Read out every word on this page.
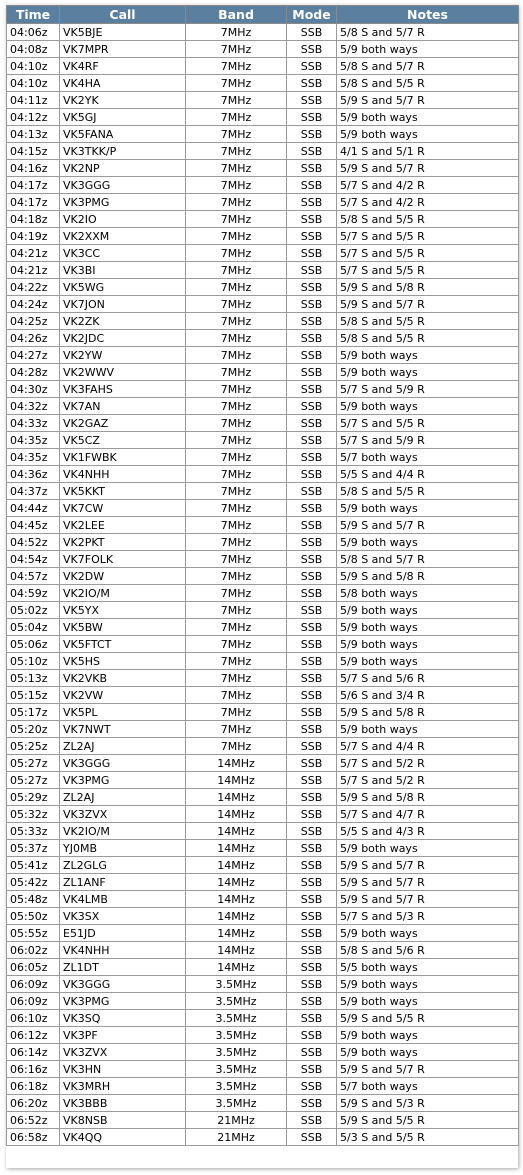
Time	Call	Band	Mode	Notes
04:06z	VK5BJE	7MHz	SSB	5/8 S and 5/7 R
04:08z	VK7MPR	7MHz	SSB	5/9 both ways
04:10z	VK4RF	7MHz	SSB	5/8 S and 5/7 R
04:10z	VK4HA	7MHz	SSB	5/8 S and 5/5 R
04:11z	VK2YK	7MHz	SSB	5/9 S and 5/7 R
04:12z	VK5GJ	7MHz	SSB	5/9 both ways
04:13z	VK5FANA	7MHz	SSB	5/9 both ways
04:15z	VK3TKK/P	7MHz	SSB	4/1 S and 5/1 R
04:16z	VK2NP	7MHz	SSB	5/9 S and 5/7 R
04:17z	VK3GGG	7MHz	SSB	5/7 S and 4/2 R
04:17z	VK3PMG	7MHz	SSB	5/7 S and 4/2 R
04:18z	VK2IO	7MHz	SSB	5/8 S and 5/5 R
04:19z	VK2XXM	7MHz	SSB	5/7 S and 5/5 R
04:21z	VK3CC	7MHz	SSB	5/7 S and 5/5 R
04:21z	VK3BI	7MHz	SSB	5/7 S and 5/5 R
04:22z	VK5WG	7MHz	SSB	5/9 S and 5/8 R
04:24z	VK7JON	7MHz	SSB	5/9 S and 5/7 R
04:25z	VK2ZK	7MHz	SSB	5/8 S and 5/5 R
04:26z	VK2JDC	7MHz	SSB	5/8 S and 5/5 R
04:27z	VK2YW	7MHz	SSB	5/9 both ways
04:28z	VK2WWV	7MHz	SSB	5/9 both ways
04:30z	VK3FAHS	7MHz	SSB	5/7 S and 5/9 R
04:32z	VK7AN	7MHz	SSB	5/9 both ways
04:33z	VK2GAZ	7MHz	SSB	5/7 S and 5/5 R
04:35z	VK5CZ	7MHz	SSB	5/7 S and 5/9 R
04:35z	VK1FWBK	7MHz	SSB	5/7 both ways
04:36z	VK4NHH	7MHz	SSB	5/5 S and 4/4 R
04:37z	VK5KKT	7MHz	SSB	5/8 S and 5/5 R
04:44z	VK7CW	7MHz	SSB	5/9 both ways
04:45z	VK2LEE	7MHz	SSB	5/9 S and 5/7 R
04:52z	VK2PKT	7MHz	SSB	5/9 both ways
04:54z	VK7FOLK	7MHz	SSB	5/8 S and 5/7 R
04:57z	VK2DW	7MHz	SSB	5/9 S and 5/8 R
04:59z	VK2IO/M	7MHz	SSB	5/8 both ways
05:02z	VK5YX	7MHz	SSB	5/9 both ways
05:04z	VK5BW	7MHz	SSB	5/9 both ways
05:06z	VK5FTCT	7MHz	SSB	5/9 both ways
05:10z	VK5HS	7MHz	SSB	5/9 both ways
05:13z	VK2VKB	7MHz	SSB	5/7 S and 5/6 R
05:15z	VK2VW	7MHz	SSB	5/6 S and 3/4 R
05:17z	VK5PL	7MHz	SSB	5/9 S and 5/8 R
05:20z	VK7NWT	7MHz	SSB	5/9 both ways
05:25z	ZL2AJ	7MHz	SSB	5/7 S and 4/4 R
05:27z	VK3GGG	14MHz	SSB	5/7 S and 5/2 R
05:27z	VK3PMG	14MHz	SSB	5/7 S and 5/2 R
05:29z	ZL2AJ	14MHz	SSB	5/9 S and 5/8 R
05:32z	VK3ZVX	14MHz	SSB	5/7 S and 4/7 R
05:33z	VK2IO/M	14MHz	SSB	5/5 S and 4/3 R
05:37z	YJ0MB	14MHz	SSB	5/9 both ways
05:41z	ZL2GLG	14MHz	SSB	5/9 S and 5/7 R
05:42z	ZL1ANF	14MHz	SSB	5/9 S and 5/7 R
05:48z	VK4LMB	14MHz	SSB	5/9 S and 5/7 R
05:50z	VK3SX	14MHz	SSB	5/7 S and 5/3 R
05:55z	E51JD	14MHz	SSB	5/9 both ways
06:02z	VK4NHH	14MHz	SSB	5/8 S and 5/6 R
06:05z	ZL1DT	14MHz	SSB	5/5 both ways
06:09z	VK3GGG	3.5MHz	SSB	5/9 both ways
06:09z	VK3PMG	3.5MHz	SSB	5/9 both ways
06:10z	VK3SQ	3.5MHz	SSB	5/9 S and 5/5 R
06:12z	VK3PF	3.5MHz	SSB	5/9 both ways
06:14z	VK3ZVX	3.5MHz	SSB	5/9 both ways
06:16z	VK3HN	3.5MHz	SSB	5/9 S and 5/7 R
06:18z	VK3MRH	3.5MHz	SSB	5/7 both ways
06:20z	VK3BBB	3.5MHz	SSB	5/9 S and 5/3 R
06:52z	VK8NSB	21MHz	SSB	5/9 S and 5/5 R
06:58z	VK4QQ	21MHz	SSB	5/3 S and 5/5 R
